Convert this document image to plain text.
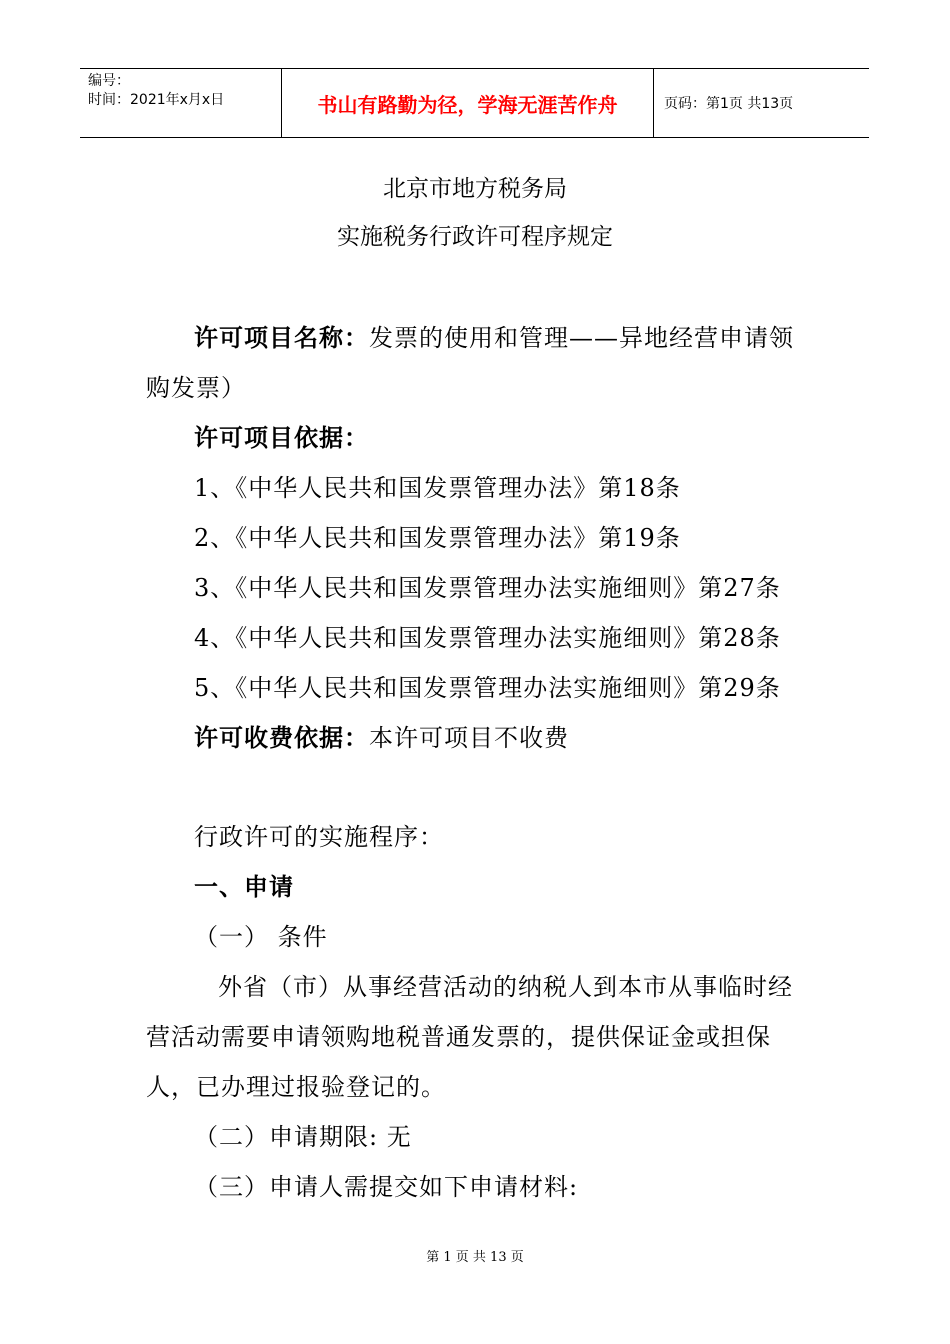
编号：
时间：2021年x月x日	书山有路勤为径，学海无涯苦作舟	页码：第1页 共13页
北京市地方税务局
实施税务行政许可程序规定
许可项目名称：发票的使用和管理——异地经营申请领
购发票）
许可项目依据：
1、《中华人民共和国发票管理办法》第18条
2、《中华人民共和国发票管理办法》第19条
3、《中华人民共和国发票管理办法实施细则》第27条
4、《中华人民共和国发票管理办法实施细则》第28条
5、《中华人民共和国发票管理办法实施细则》第29条
许可收费依据：本许可项目不收费
行政许可的实施程序：
一、申请
（一） 条件
外省（市）从事经营活动的纳税人到本市从事临时经
营活动需要申请领购地税普通发票的，提供保证金或担保
人，已办理过报验登记的。
（二）申请期限: 无
（三）申请人需提交如下申请材料:
第 1 页 共 13 页
